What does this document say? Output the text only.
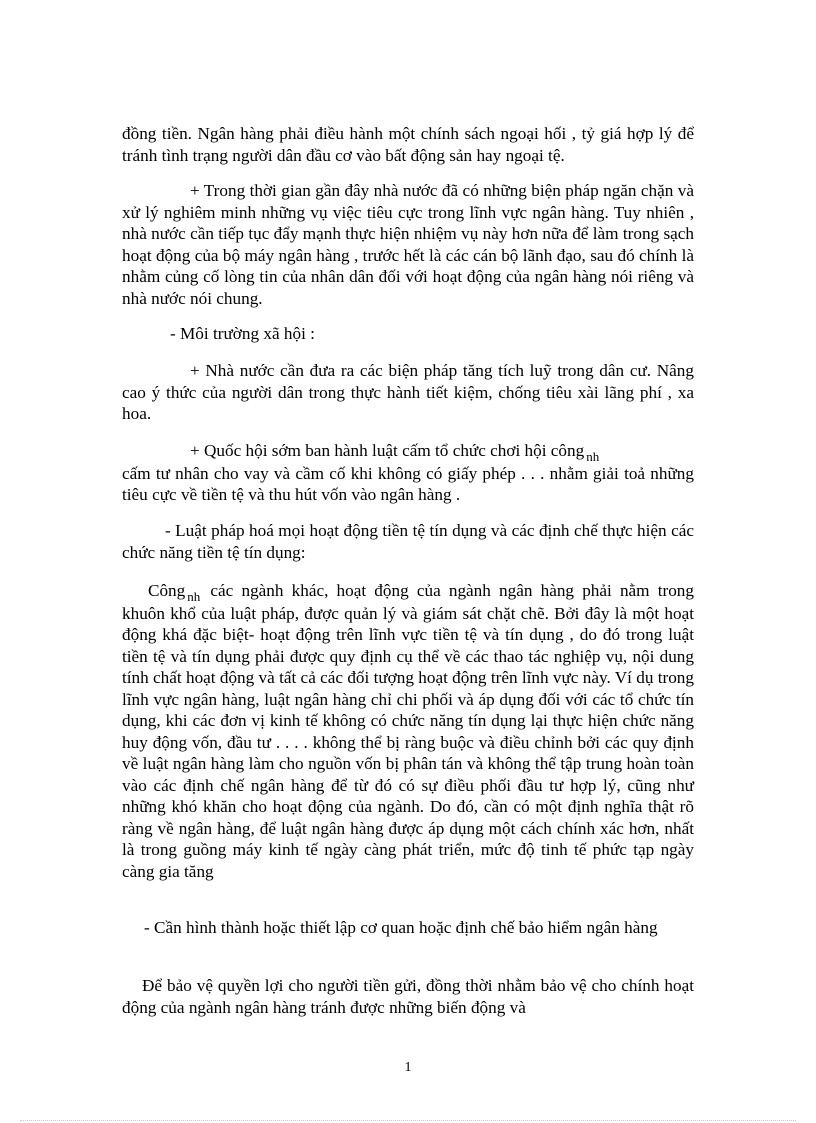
đồng tiền. Ngân hàng phải điều hành một chính sách ngoại hối , tỷ giá hợp lý để tránh tình trạng người dân đầu cơ vào bất động sản hay ngoại tệ.

+ Trong thời gian gần đây nhà nước đã có những biện pháp ngăn chặn và xử lý nghiêm minh những vụ việc tiêu cực trong lĩnh vực ngân hàng. Tuy nhiên , nhà nước cần tiếp tục đẩy mạnh thực hiện nhiệm vụ này hơn nữa để làm trong sạch hoạt động của bộ máy ngân hàng , trước hết là các cán bộ lãnh đạo, sau đó chính là nhằm củng cố lòng tin của nhân dân đối với hoạt động của ngân hàng nói riêng và nhà nước nói chung.

- Môi trường xã hội :

+ Nhà nước cần đưa ra các biện pháp tăng tích luỹ trong dân cư. Nâng cao ý thức của người dân trong thực hành tiết kiệm, chống tiêu xài lãng phí , xa hoa.

+ Quốc hội sớm ban hành luật cấm tổ chức chơi hội công $_{nh}$
cấm tư nhân cho vay và cầm cố khi không có giấy phép . . . nhằm giải toả những tiêu cực về tiền tệ và thu hút vốn vào ngân hàng .

- Luật pháp hoá mọi hoạt động tiền tệ tín dụng và các định chế thực hiện các chức năng tiền tệ tín dụng:

Công $_{nh}$ các ngành khác, hoạt động của ngành ngân hàng phải nằm trong khuôn khổ của luật pháp, được quản lý và giám sát chặt chẽ. Bởi đây là một hoạt động khá đặc biệt- hoạt động trên lĩnh vực tiền tệ và tín dụng , do đó trong luật tiền tệ và tín dụng phải được quy định cụ thể về các thao tác nghiệp vụ, nội dung tính chất hoạt động và tất cả các đối tượng hoạt động trên lĩnh vực này. Ví dụ trong lĩnh vực ngân hàng, luật ngân hàng chỉ chi phối và áp dụng đối với các tổ chức tín dụng, khi các đơn vị kinh tế không có chức năng tín dụng lại thực hiện chức năng huy động vốn, đầu tư . . . . không thể bị ràng buộc và điều chỉnh bởi các quy định về luật ngân hàng làm cho nguồn vốn bị phân tán và không thể tập trung hoàn toàn vào các định chế ngân hàng để từ đó có sự điều phối đầu tư hợp lý, cũng như những khó khăn cho hoạt động của ngành. Do đó, cần có một định nghĩa thật rõ ràng về ngân hàng, để luật ngân hàng được áp dụng một cách chính xác hơn, nhất là trong guồng máy kinh tế ngày càng phát triển, mức độ tinh tế phức tạp ngày càng gia tăng

- Cần hình thành hoặc thiết lập cơ quan hoặc định chế bảo hiểm ngân hàng

Để bảo vệ quyền lợi cho người tiền gửi, đồng thời nhằm bảo vệ cho chính hoạt động của ngành ngân hàng tránh được những biến động và

1
